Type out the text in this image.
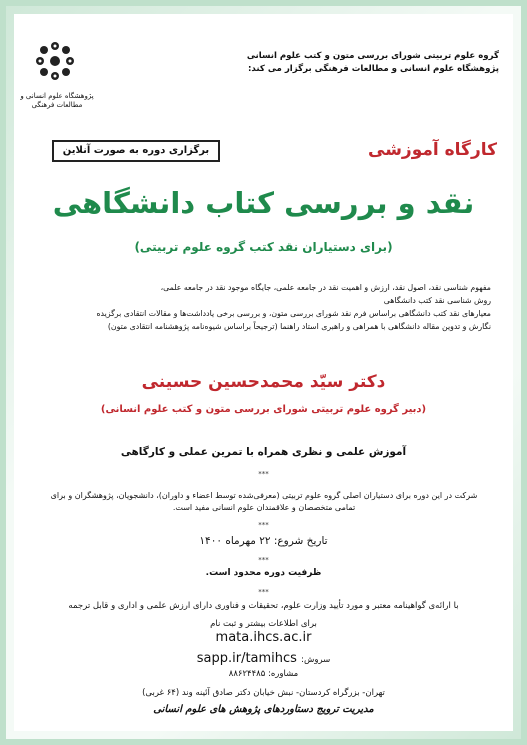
پژوهشگاه علوم انسانی و مطالعات فرهنگی
گروه علوم تربیتی شورای بررسی متون و کتب علوم انسانی
پژوهشگاه علوم انسانی و مطالعات فرهنگی برگزار می کند:
کارگاه آموزشی
برگزاری دوره به صورت آنلاین
نقد و بررسی کتاب دانشگاهی
(برای دستیاران نقد کتب گروه علوم تربیتی)
مفهوم شناسی نقد، اصول نقد، ارزش و اهمیت نقد در جامعه علمی، جایگاه موجود نقد در جامعه علمی،
روش شناسی نقد کتب دانشگاهی
معیارهای نقد کتب دانشگاهی براساس فرم نقد شورای بررسی متون، و بررسی برخی یادداشت‌ها و مقالات انتقادی برگزیده
نگارش و تدوین مقاله دانشگاهی با همراهی و راهبری استاد راهنما (ترجیحاً براساس شیوه‌نامه پژوهشنامه انتقادی متون)
دکتر سیّد محمدحسین حسینی
(دبیر گروه علوم تربیتی شورای بررسی متون و کتب علوم انسانی)
آموزش علمی و نظری همراه با تمرین عملی و کارگاهی
***
شرکت در این دوره برای دستیاران اصلی گروه علوم تربیتی (معرفی‌شده توسط اعضاء و داوران)، دانشجویان، پژوهشگران و برای تمامی متخصصان و علاقمندان علوم انسانی مفید است.
***
تاریخ شروع: ۲۲ مهرماه ۱۴۰۰
***
ظرفیت دوره محدود است.
***
با ارائه‌ی گواهینامه معتبر و مورد تأیید وزارت علوم، تحقیقات و فناوری دارای ارزش علمی و اداری و قابل ترجمه
برای اطلاعات بیشتر و ثبت نام
mata.ihcs.ac.ir
سروش: sapp.ir/tamihcs
مشاوره: ۸۸۶۲۴۴۸۵
تهران- بزرگراه کردستان- نبش خیابان دکتر صادق آئینه وند (۶۴ غربی)
مدیریت ترویج دستاوردهای پژوهش های علوم انسانی
